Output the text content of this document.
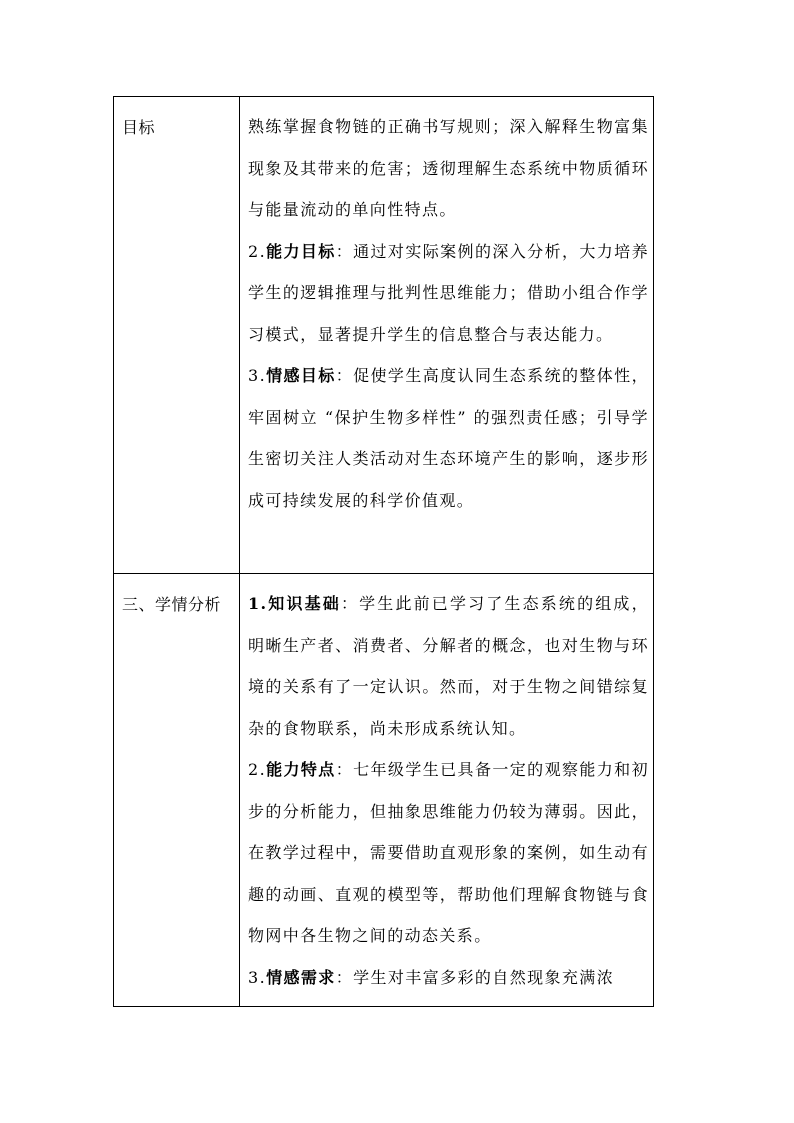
目标	熟练掌握食物链的正确书写规则；深入解释生物富集现象及其带来的危害；透彻理解生态系统中物质循环与能量流动的单向性特点。

2.能力目标：通过对实际案例的深入分析，大力培养学生的逻辑推理与批判性思维能力；借助小组合作学习模式，显著提升学生的信息整合与表达能力。

3.情感目标：促使学生高度认同生态系统的整体性，牢固树立 “保护生物多样性” 的强烈责任感；引导学生密切关注人类活动对生态环境产生的影响，逐步形成可持续发展的科学价值观。

三、学情分析	1.知识基础：学生此前已学习了生态系统的组成，明晰生产者、消费者、分解者的概念，也对生物与环境的关系有了一定认识。然而，对于生物之间错综复杂的食物联系，尚未形成系统认知。

2.能力特点：七年级学生已具备一定的观察能力和初步的分析能力，但抽象思维能力仍较为薄弱。因此，在教学过程中，需要借助直观形象的案例，如生动有趣的动画、直观的模型等，帮助他们理解食物链与食物网中各生物之间的动态关系。

3.情感需求：学生对丰富多彩的自然现象充满浓
